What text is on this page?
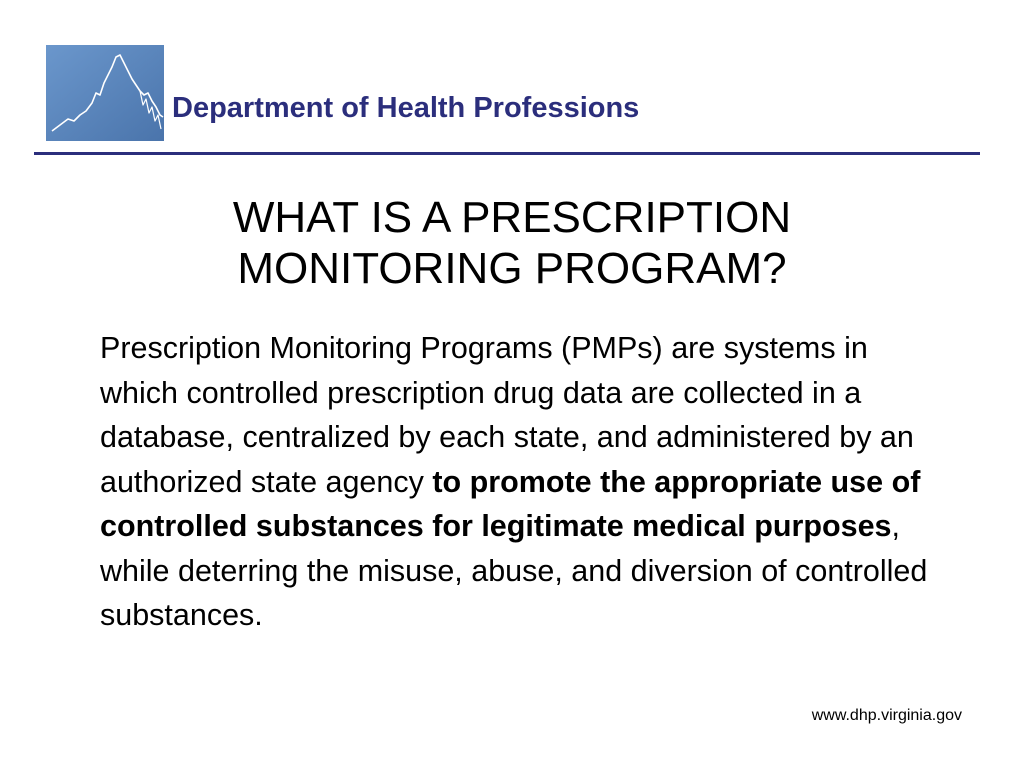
Department of Health Professions
WHAT IS A PRESCRIPTION
MONITORING PROGRAM?
Prescription Monitoring Programs (PMPs) are systems in which controlled prescription drug data are collected in a database, centralized by each state, and administered by an authorized state agency to promote the appropriate use of controlled substances for legitimate medical purposes, while deterring the misuse, abuse, and diversion of controlled substances.
www.dhp.virginia.gov
